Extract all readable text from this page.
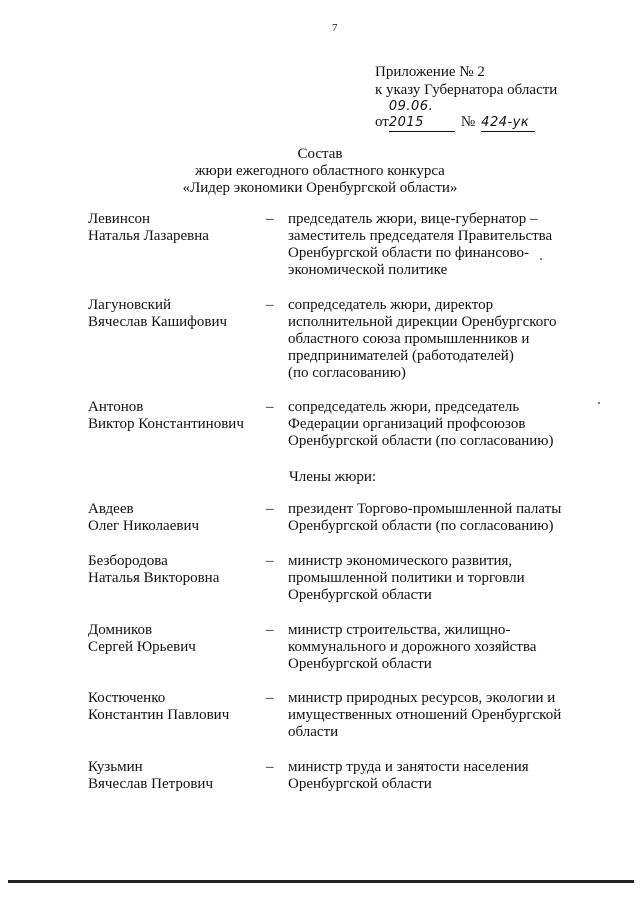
7
Приложение № 2
к указу Губернатора области
от09.06. 2015 № 424-ук
Состав
жюри ежегодного областного конкурса
«Лидер экономики Оренбургской области»
Левинсон
Наталья Лазаревна
– председатель жюри, вице-губернатор –
заместитель председателя Правительства
Оренбургской области по финансово-
экономической политике
Лагуновский
Вячеслав Кашифович
– сопредседатель жюри, директор
исполнительной дирекции Оренбургского
областного союза промышленников и
предпринимателей (работодателей)
(по согласованию)
Антонов
Виктор Константинович
– сопредседатель жюри, председатель
Федерации организаций профсоюзов
Оренбургской области (по согласованию)
Члены жюри:
Авдеев
Олег Николаевич
– президент Торгово-промышленной палаты
Оренбургской области (по согласованию)
Безбородова
Наталья Викторовна
– министр экономического развития,
промышленной политики и торговли
Оренбургской области
Домников
Сергей Юрьевич
– министр строительства, жилищно-
коммунального и дорожного хозяйства
Оренбургской области
Костюченко
Константин Павлович
– министр природных ресурсов, экологии и
имущественных отношений Оренбургской
области
Кузьмин
Вячеслав Петрович
– министр труда и занятости населения
Оренбургской области
